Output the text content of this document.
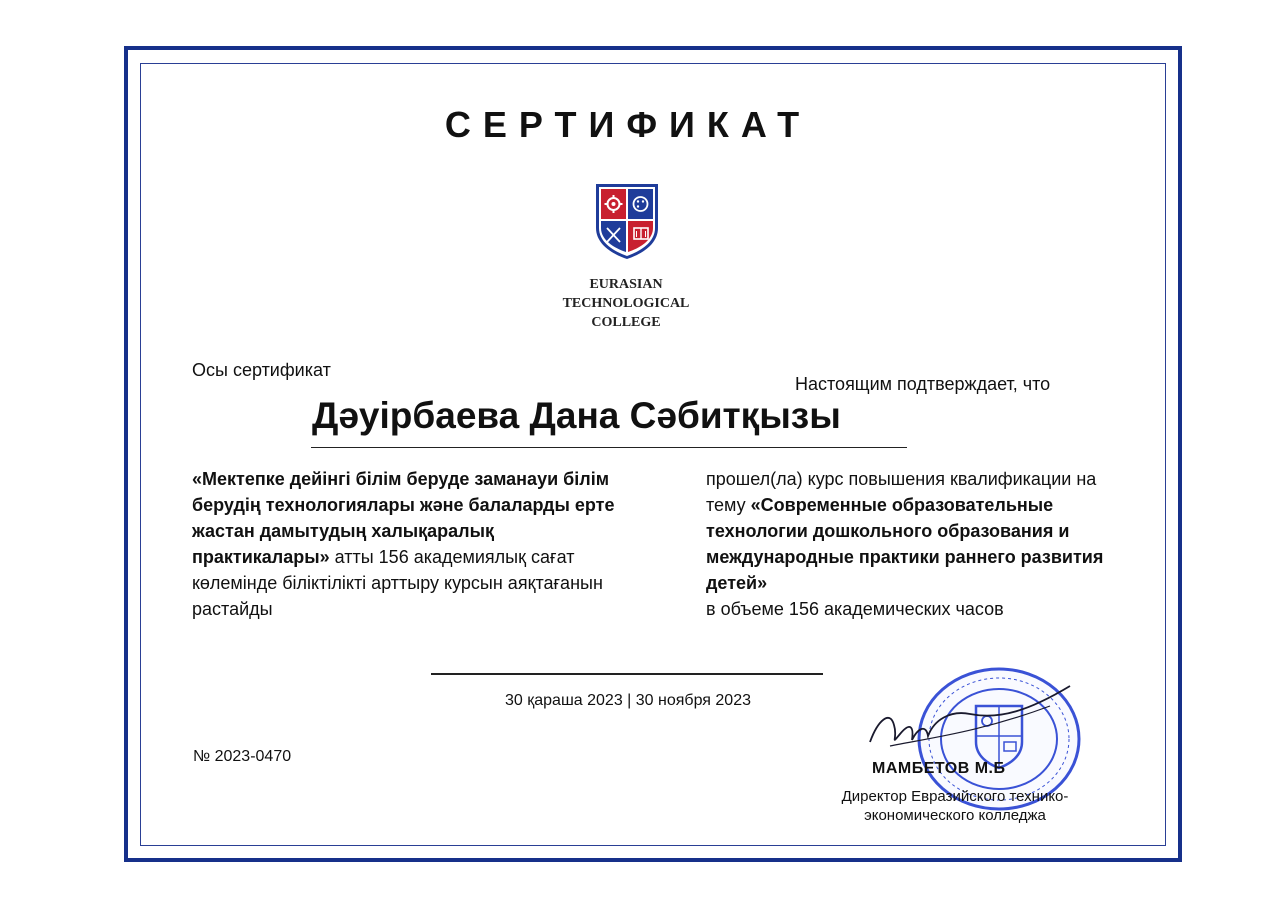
СЕРТИФИКАТ
EURASIAN
TECHNOLOGICAL
COLLEGE
Осы сертификат
Настоящим подтверждает, что
Дәуірбаева Дана Сәбитқызы
«Мектепке дейінгі білім беруде заманауи білім берудің технологиялары және балаларды ерте жастан дамытудың халықаралық практикалары» атты 156 академиялық сағат көлемінде біліктілікті арттыру курсын аяқтағанын растайды
прошел(ла) курс повышения квалификации на тему «Современные образовательные технологии дошкольного образования и международные практики раннего развития детей»
в объеме 156 академических часов
30 қараша 2023 | 30 ноября 2023
№ 2023-0470
МАМБЕТОВ М.Б
Директор Евразийского технико-
экономического колледжа
